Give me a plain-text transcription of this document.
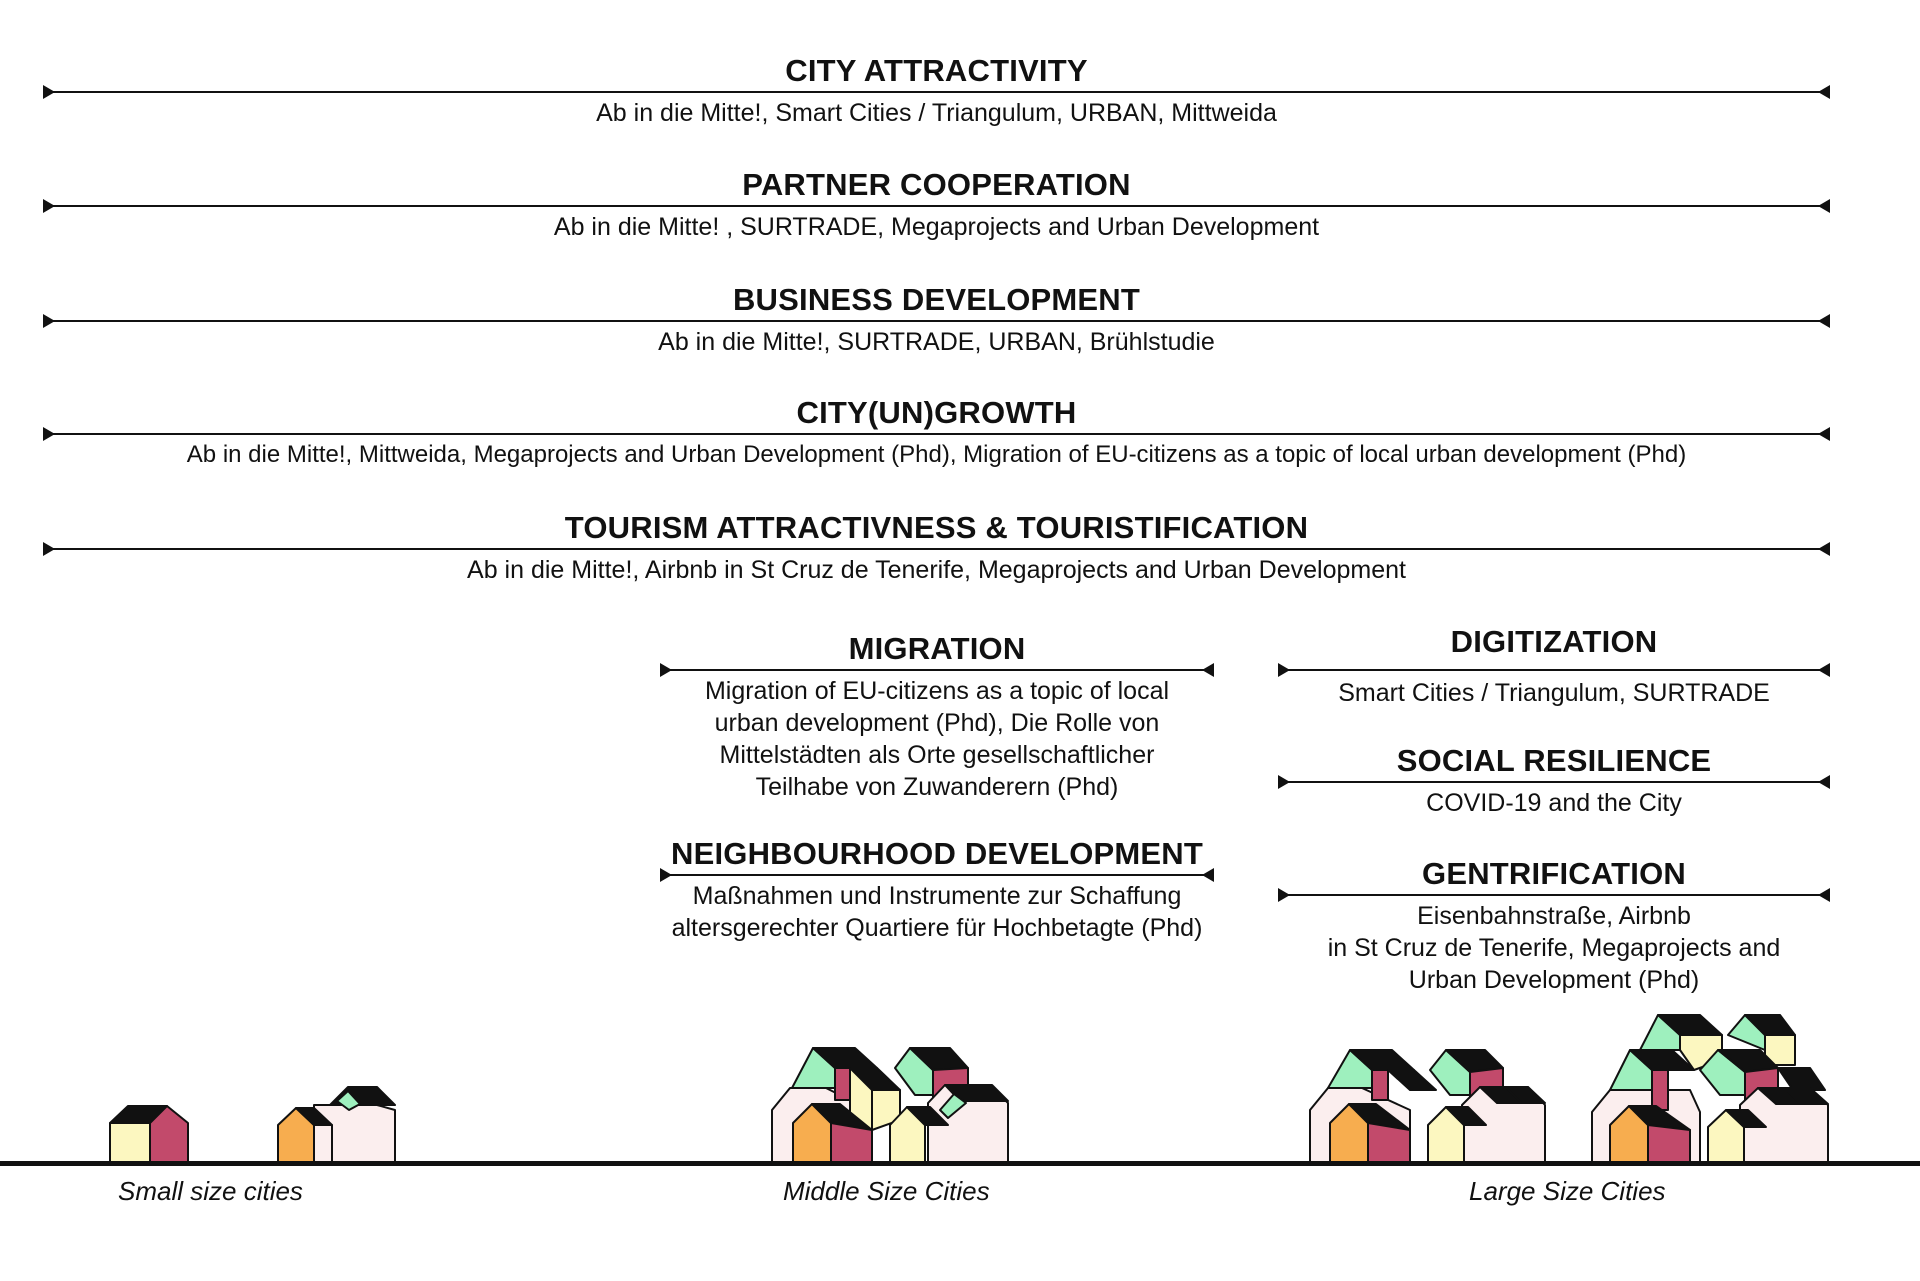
CITY ATTRACTIVITY

Ab in die Mitte!, Smart Cities / Triangulum, URBAN, Mittweida

PARTNER COOPERATION

Ab in die Mitte! , SURTRADE, Megaprojects and Urban Development

BUSINESS DEVELOPMENT

Ab in die Mitte!, SURTRADE, URBAN, Brühlstudie

CITY(UN)GROWTH

Ab in die Mitte!, Mittweida, Megaprojects and Urban Development (Phd), Migration of EU-citizens as a topic of local urban development (Phd)

TOURISM ATTRACTIVNESS & TOURISTIFICATION

Ab in die Mitte!, Airbnb in St Cruz de Tenerife, Megaprojects and Urban Development

MIGRATION

Migration of EU-citizens as a topic of local
urban development (Phd), Die Rolle von
Mittelstädten als Orte gesellschaftlicher
Teilhabe von Zuwanderern (Phd)

NEIGHBOURHOOD DEVELOPMENT

Maßnahmen und Instrumente zur Schaffung
altersgerechter Quartiere für Hochbetagte (Phd)

DIGITIZATION

Smart Cities / Triangulum, SURTRADE

SOCIAL RESILIENCE

COVID-19 and the City

GENTRIFICATION

Eisenbahnstraße, Airbnb
in St Cruz de Tenerife, Megaprojects and
Urban Development (Phd)

Small size cities	Middle Size Cities	Large Size Cities
